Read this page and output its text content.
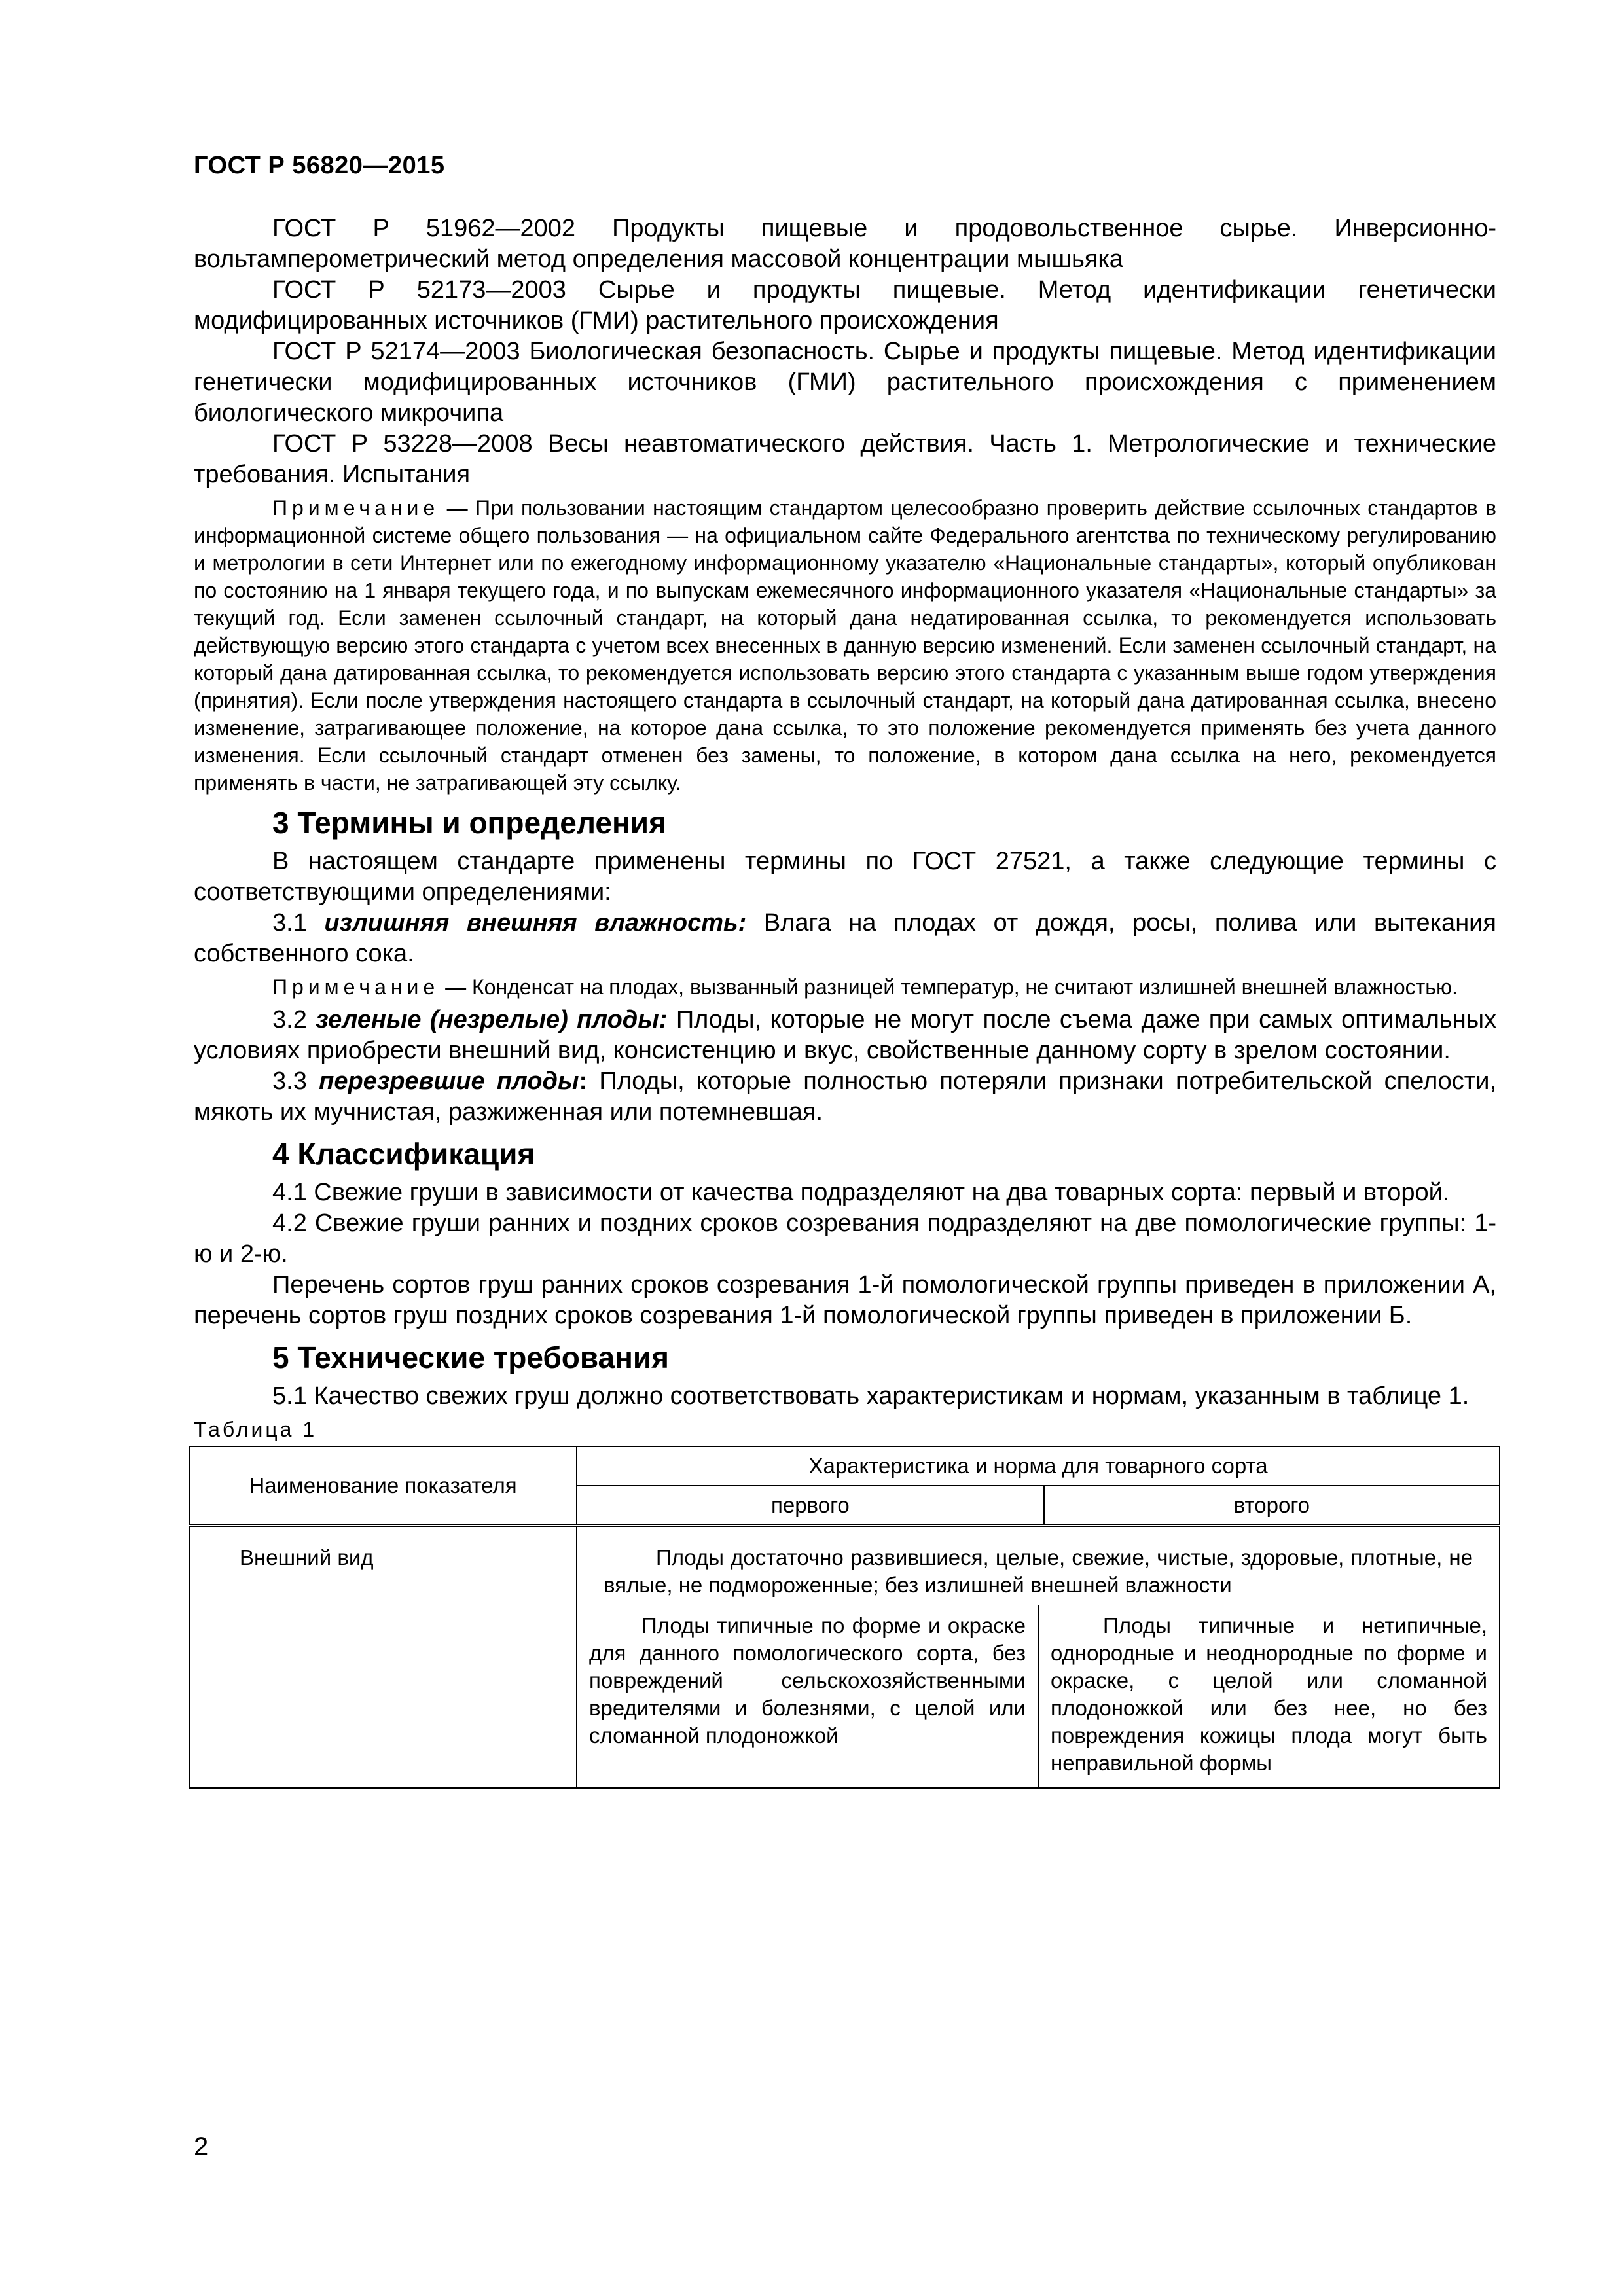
ГОСТ Р 56820—2015

ГОСТ Р 51962—2002 Продукты пищевые и продовольственное сырье. Инверсионно-вольтамперометрический метод определения массовой концентрации мышьяка

ГОСТ Р 52173—2003 Сырье и продукты пищевые. Метод идентификации генетически модифицированных источников (ГМИ) растительного происхождения

ГОСТ Р 52174—2003 Биологическая безопасность. Сырье и продукты пищевые. Метод идентификации генетически модифицированных источников (ГМИ) растительного происхождения с применением биологического микрочипа

ГОСТ Р 53228—2008 Весы неавтоматического действия. Часть 1. Метрологические и технические требования. Испытания

Примечание — При пользовании настоящим стандартом целесообразно проверить действие ссылочных стандартов в информационной системе общего пользования — на официальном сайте Федерального агентства по техническому регулированию и метрологии в сети Интернет или по ежегодному информационному указателю «Национальные стандарты», который опубликован по состоянию на 1 января текущего года, и по выпускам ежемесячного информационного указателя «Национальные стандарты» за текущий год. Если заменен ссылочный стандарт, на который дана недатированная ссылка, то рекомендуется использовать действующую версию этого стандарта с учетом всех внесенных в данную версию изменений. Если заменен ссылочный стандарт, на который дана датированная ссылка, то рекомендуется использовать версию этого стандарта с указанным выше годом утверждения (принятия). Если после утверждения настоящего стандарта в ссылочный стандарт, на который дана датированная ссылка, внесено изменение, затрагивающее положение, на которое дана ссылка, то это положение рекомендуется применять без учета данного изменения. Если ссылочный стандарт отменен без замены, то положение, в котором дана ссылка на него, рекомендуется применять в части, не затрагивающей эту ссылку.

3 Термины и определения

В настоящем стандарте применены термины по ГОСТ 27521, а также следующие термины с соответствующими определениями:

3.1 излишняя внешняя влажность: Влага на плодах от дождя, росы, полива или вытекания собственного сока.

Примечание — Конденсат на плодах, вызванный разницей температур, не считают излишней внешней влажностью.

3.2 зеленые (незрелые) плоды: Плоды, которые не могут после съема даже при самых оптимальных условиях приобрести внешний вид, консистенцию и вкус, свойственные данному сорту в зрелом состоянии.

3.3 перезревшие плоды: Плоды, которые полностью потеряли признаки потребительской спелости, мякоть их мучнистая, разжиженная или потемневшая.

4 Классификация

4.1 Свежие груши в зависимости от качества подразделяют на два товарных сорта: первый и второй.

4.2 Свежие груши ранних и поздних сроков созревания подразделяют на две помологические группы: 1-ю и 2-ю.

Перечень сортов груш ранних сроков созревания 1-й помологической группы приведен в приложении А, перечень сортов груш поздних сроков созревания 1-й помологической группы приведен в приложении Б.

5 Технические требования

5.1 Качество свежих груш должно соответствовать характеристикам и нормам, указанным в таблице 1.

Таблица 1
Наименование показателя	Характеристика и норма для товарного сорта
первого	второго
Внешний вид	Плоды достаточно развившиеся, целые, свежие, чистые, здоровые, плотные, не вялые, не подмороженные; без излишней внешней влажности
Плоды типичные по форме и окраске для данного помологического сорта, без повреждений сельскохозяйственными вредителями и болезнями, с целой или сломанной плодоножкой	Плоды типичные и нетипичные, однородные и неоднородные по форме и окраске, с целой или сломанной плодоножкой или без нее, но без повреждения кожицы плода могут быть неправильной формы
2
